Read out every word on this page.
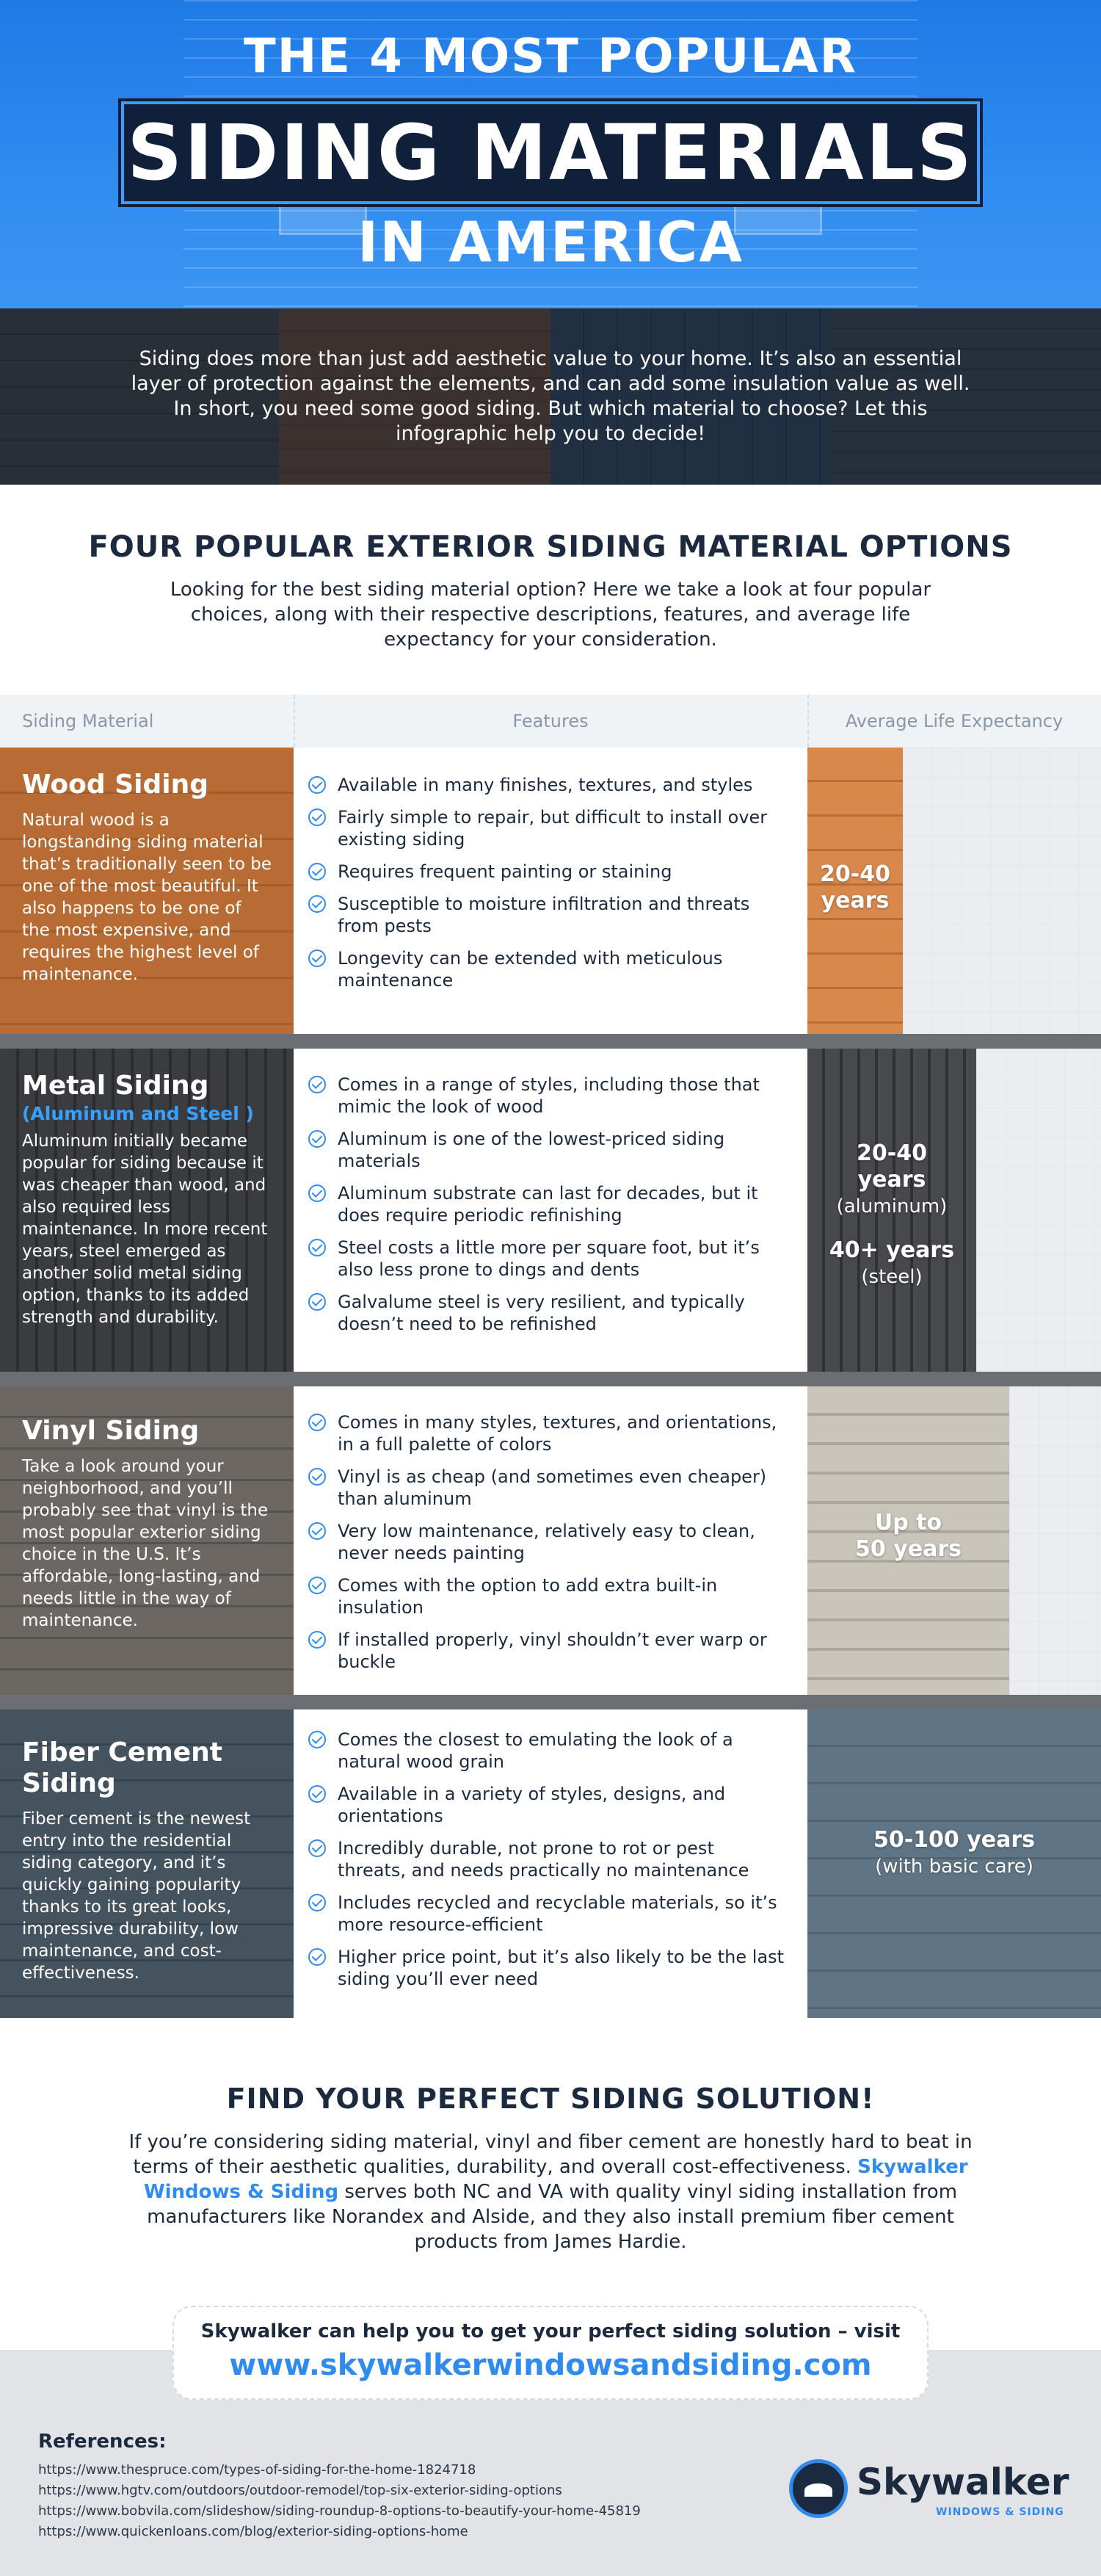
THE 4 MOST POPULAR
SIDING MATERIALS
IN AMERICA
Siding does more than just add aesthetic value to your home. It’s also an essential layer of protection against the elements, and can add some insulation value as well. In short, you need some good siding. But which material to choose? Let this infographic help you to decide!
FOUR POPULAR EXTERIOR SIDING MATERIAL OPTIONS
Looking for the best siding material option? Here we take a look at four popular choices, along with their respective descriptions, features, and average life expectancy for your consideration.
Siding Material	Features	Average Life Expectancy
Wood Siding
Natural wood is a longstanding siding material that’s traditionally seen to be one of the most beautiful. It also happens to be one of the most expensive, and requires the highest level of maintenance.
Available in many finishes, textures, and styles
Fairly simple to repair, but difficult to install over existing siding
Requires frequent painting or staining
Susceptible to moisture infiltration and threats from pests
Longevity can be extended with meticulous maintenance
20-40
years
Metal Siding
(Aluminum and Steel )
Aluminum initially became popular for siding because it was cheaper than wood, and also required less maintenance. In more recent years, steel emerged as another solid metal siding option, thanks to its added strength and durability.
Comes in a range of styles, including those that mimic the look of wood
Aluminum is one of the lowest-priced siding materials
Aluminum substrate can last for decades, but it does require periodic refinishing
Steel costs a little more per square foot, but it’s also less prone to dings and dents
Galvalume steel is very resilient, and typically doesn’t need to be refinished
20-40
years
(aluminum)
40+ years
(steel)
Vinyl Siding
Take a look around your neighborhood, and you’ll probably see that vinyl is the most popular exterior siding choice in the U.S. It’s affordable, long-lasting, and needs little in the way of maintenance.
Comes in many styles, textures, and orientations, in a full palette of colors
Vinyl is as cheap (and sometimes even cheaper) than aluminum
Very low maintenance, relatively easy to clean, never needs painting
Comes with the option to add extra built-in insulation
If installed properly, vinyl shouldn’t ever warp or buckle
Up to
50 years
Fiber Cement Siding
Fiber cement is the newest entry into the residential siding category, and it’s quickly gaining popularity thanks to its great looks, impressive durability, low maintenance, and cost-effectiveness.
Comes the closest to emulating the look of a natural wood grain
Available in a variety of styles, designs, and orientations
Incredibly durable, not prone to rot or pest threats, and needs practically no maintenance
Includes recycled and recyclable materials, so it’s more resource-efficient
Higher price point, but it’s also likely to be the last siding you’ll ever need
50-100 years
(with basic care)
FIND YOUR PERFECT SIDING SOLUTION!
If you’re considering siding material, vinyl and fiber cement are honestly hard to beat in terms of their aesthetic qualities, durability, and overall cost-effectiveness. Skywalker Windows & Siding serves both NC and VA with quality vinyl siding installation from manufacturers like Norandex and Alside, and they also install premium fiber cement products from James Hardie.
Skywalker can help you to get your perfect siding solution – visit
www.skywalkerwindowsandsiding.com
References:
https://www.thespruce.com/types-of-siding-for-the-home-1824718
https://www.hgtv.com/outdoors/outdoor-remodel/top-six-exterior-siding-options
https://www.bobvila.com/slideshow/siding-roundup-8-options-to-beautify-your-home-45819
https://www.quickenloans.com/blog/exterior-siding-options-home
Skywalker
WINDOWS & SIDING
